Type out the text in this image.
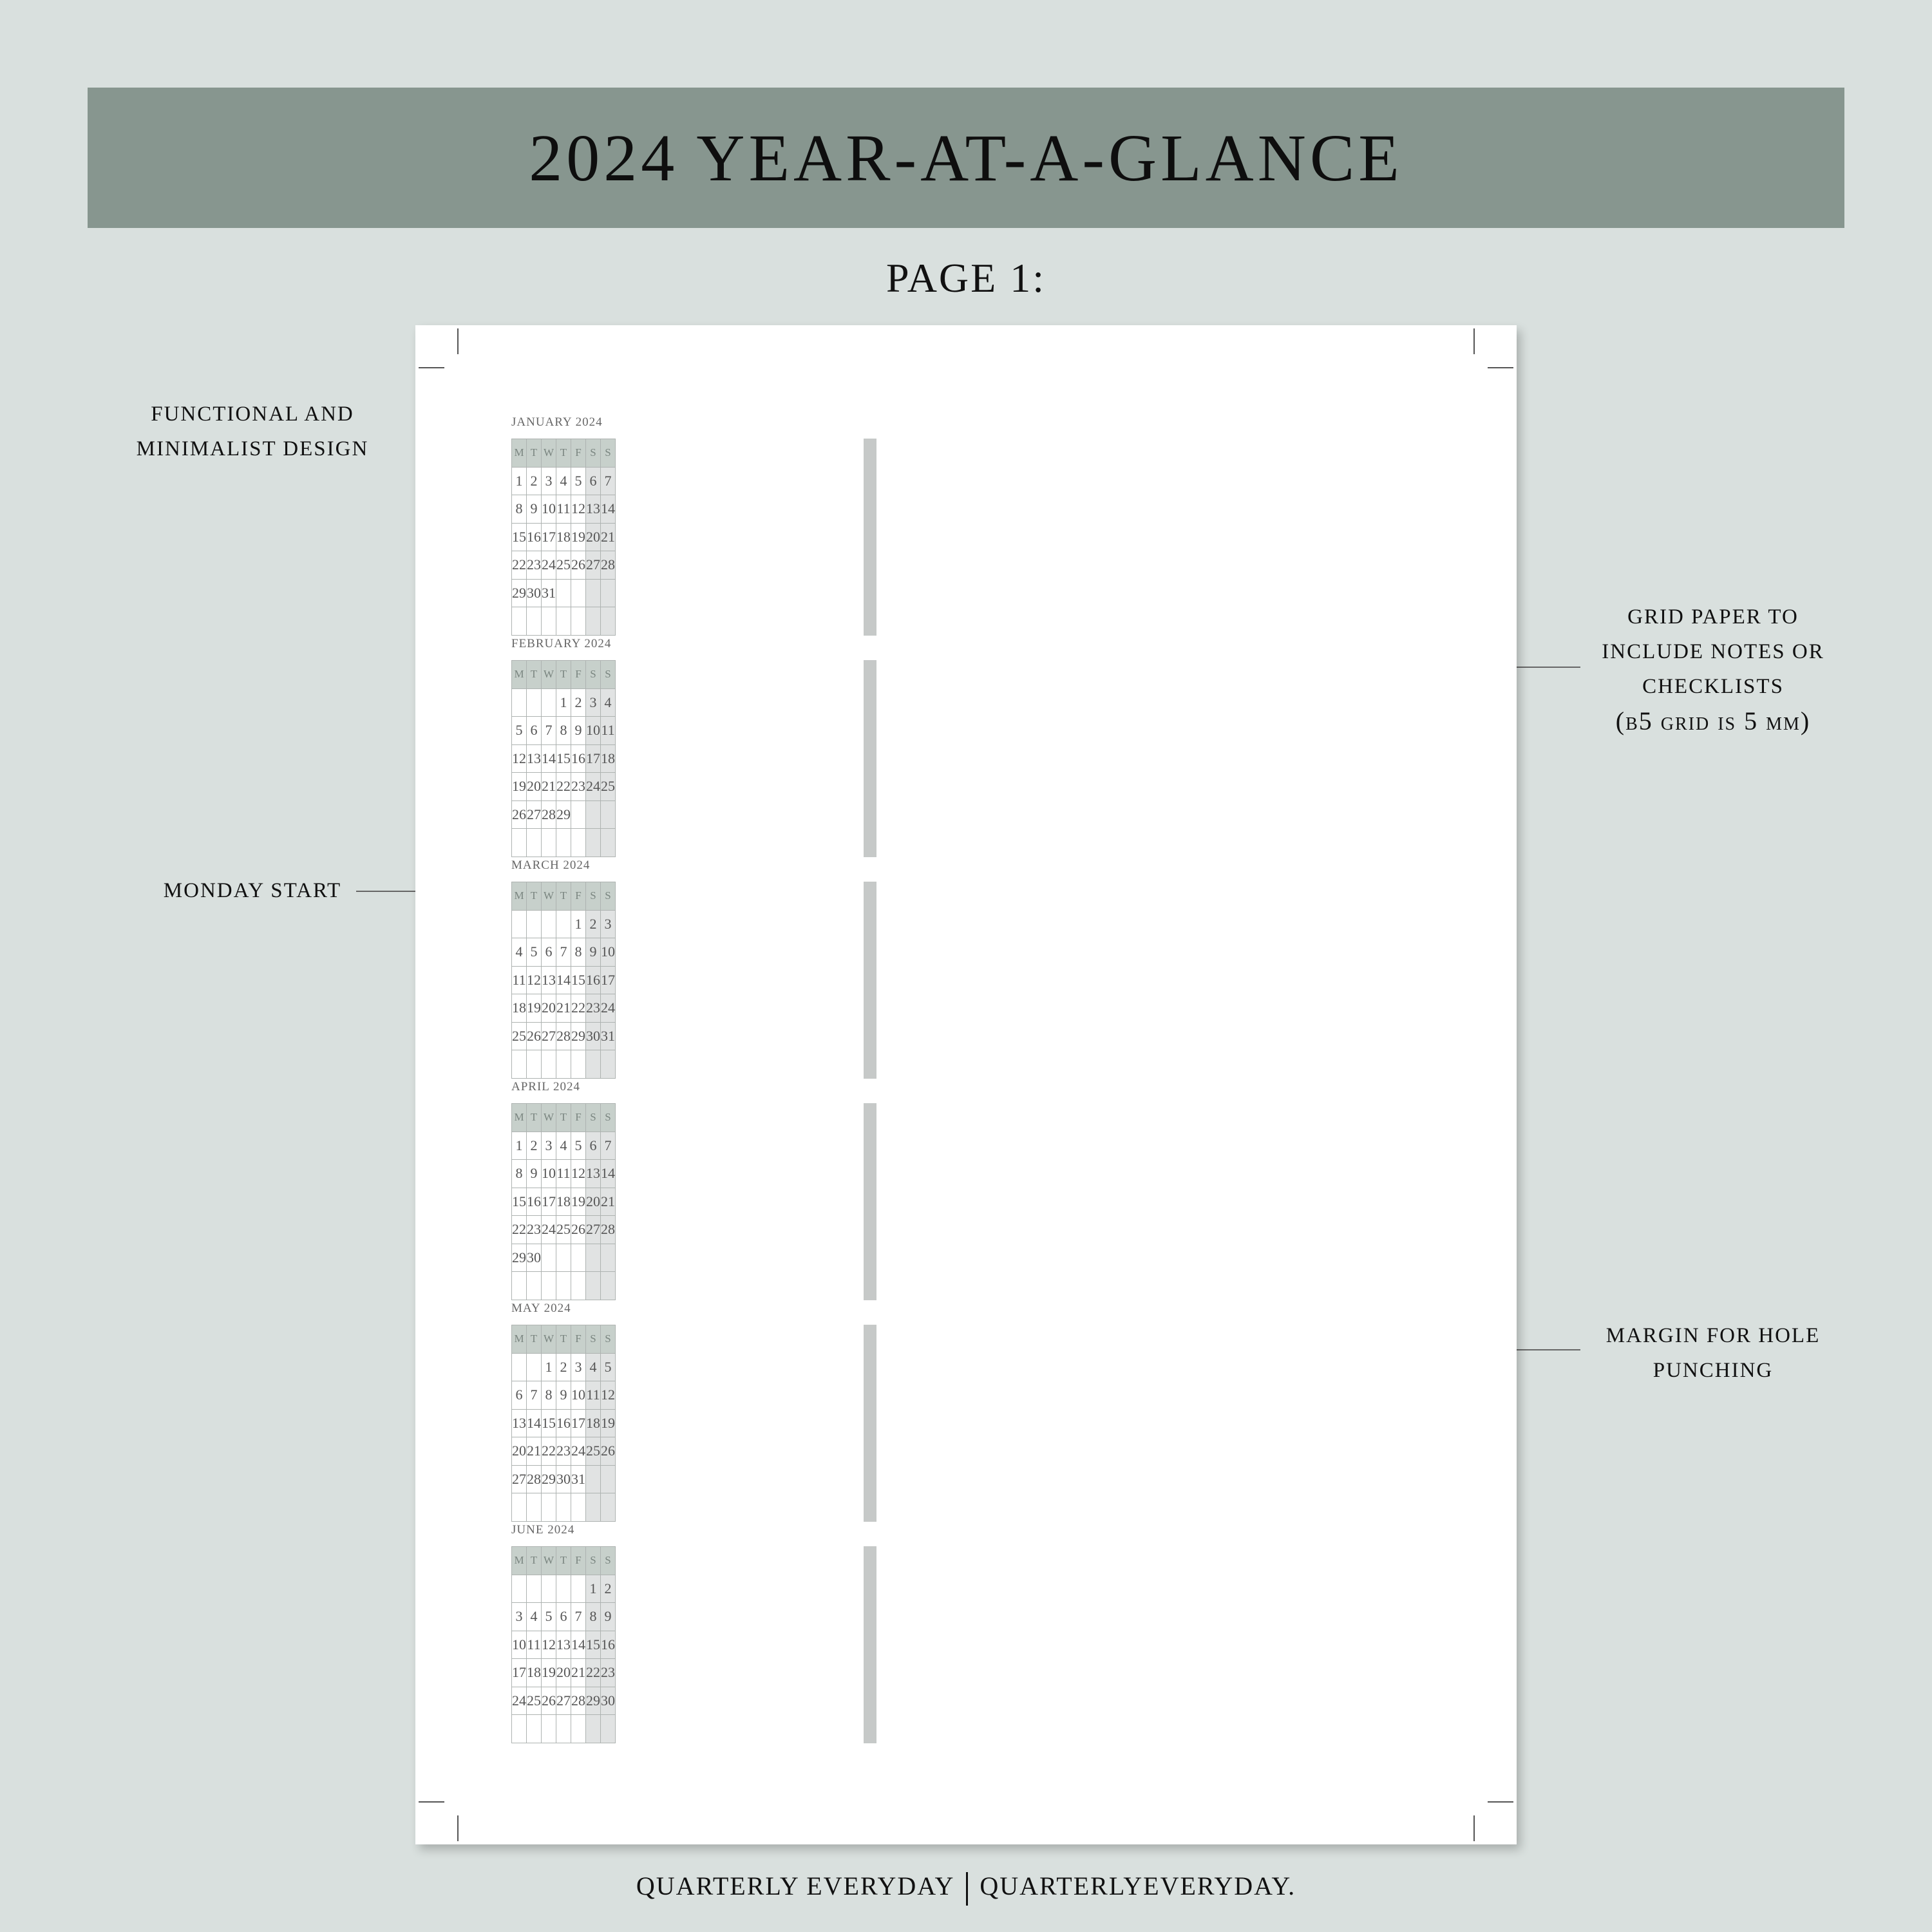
2024 YEAR-AT-A-GLANCE
PAGE 1:
FUNCTIONAL AND
MINIMALIST DESIGN
MONDAY START
GRID PAPER TO
INCLUDE NOTES OR
CHECKLISTS
(b5 grid is 5 mm)
MARGIN FOR HOLE
PUNCHING
JANUARY 2024
M	T	W	T	F	S	S
1	2	3	4	5	6	7
8	9	10	11	12	13	14
15	16	17	18	19	20	21
22	23	24	25	26	27	28
29	30	31				

FEBRUARY 2024
M	T	W	T	F	S	S
			1	2	3	4
5	6	7	8	9	10	11
12	13	14	15	16	17	18
19	20	21	22	23	24	25
26	27	28	29			

MARCH 2024
M	T	W	T	F	S	S
				1	2	3
4	5	6	7	8	9	10
11	12	13	14	15	16	17
18	19	20	21	22	23	24
25	26	27	28	29	30	31

APRIL 2024
M	T	W	T	F	S	S
1	2	3	4	5	6	7
8	9	10	11	12	13	14
15	16	17	18	19	20	21
22	23	24	25	26	27	28
29	30					

MAY 2024
M	T	W	T	F	S	S
		1	2	3	4	5
6	7	8	9	10	11	12
13	14	15	16	17	18	19
20	21	22	23	24	25	26
27	28	29	30	31		

JUNE 2024
M	T	W	T	F	S	S
					1	2
3	4	5	6	7	8	9
10	11	12	13	14	15	16
17	18	19	20	21	22	23
24	25	26	27	28	29	30

QUARTERLY EVERYDAY QUARTERLYEVERYDAY.
